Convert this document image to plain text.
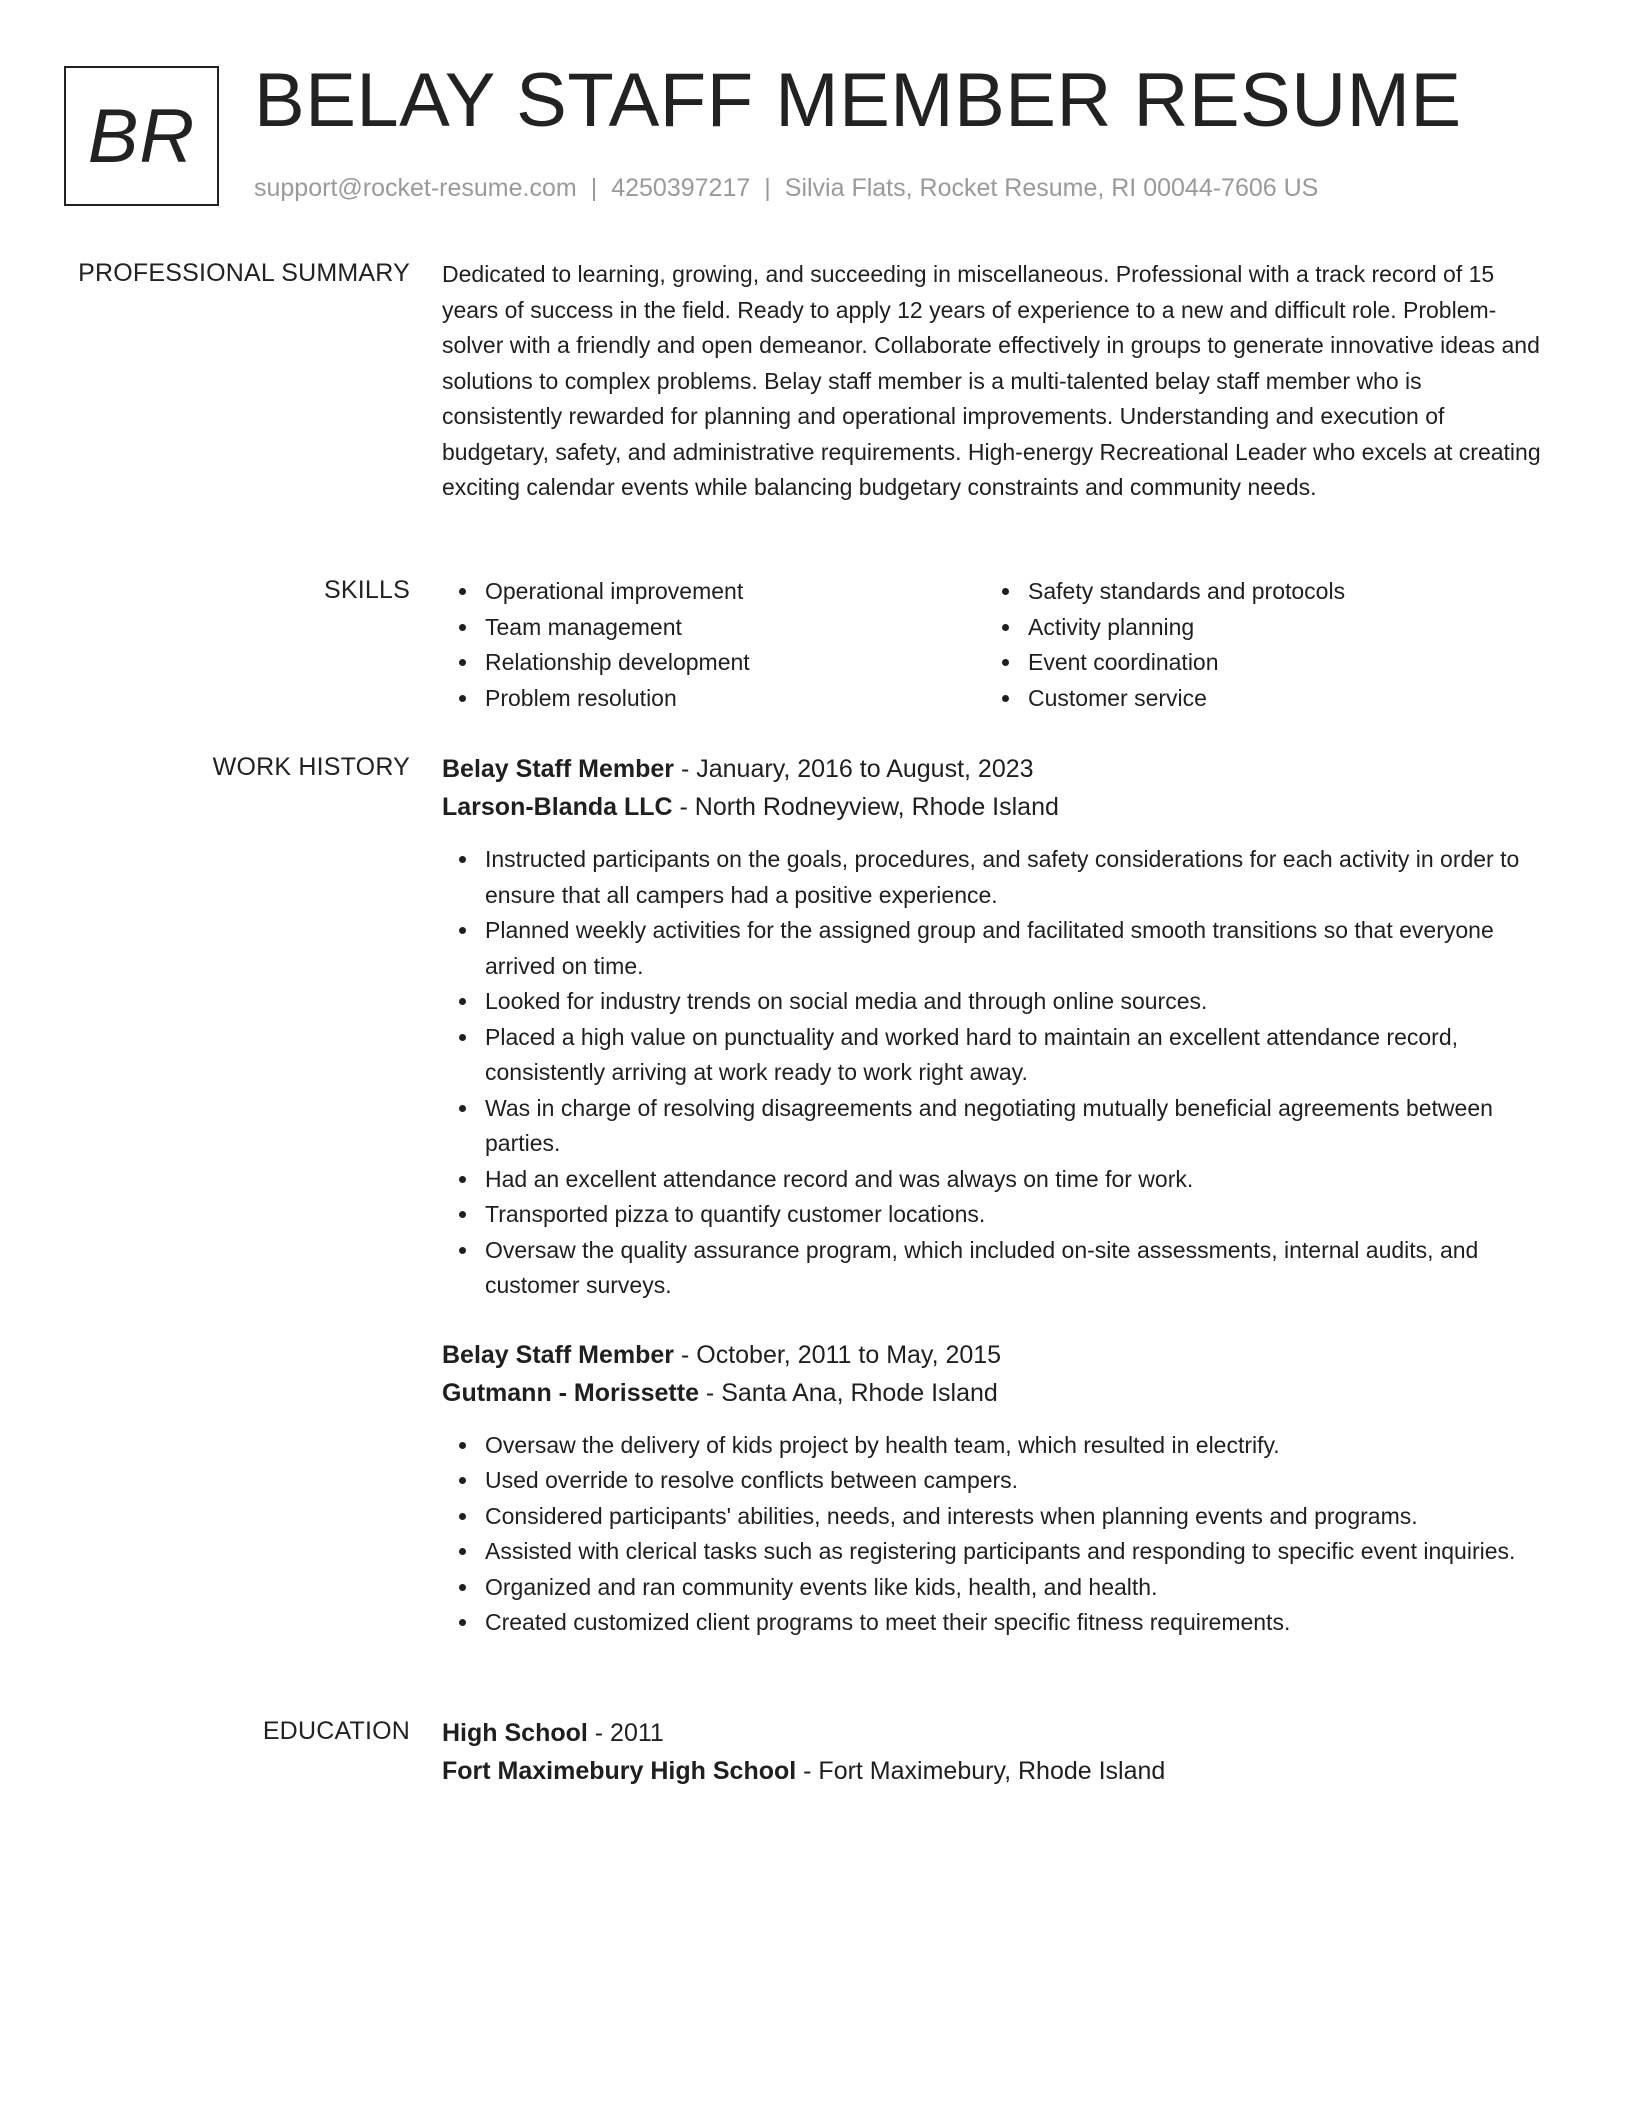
BR BELAY STAFF MEMBER RESUME
support@rocket-resume.com | 4250397217 | Silvia Flats, Rocket Resume, RI 00044-7606 US
PROFESSIONAL SUMMARY Dedicated to learning, growing, and succeeding in miscellaneous. Professional with a track record of 15 years of success in the field. Ready to apply 12 years of experience to a new and difficult role. Problem-solver with a friendly and open demeanor. Collaborate effectively in groups to generate innovative ideas and solutions to complex problems. Belay staff member is a multi-talented belay staff member who is consistently rewarded for planning and operational improvements. Understanding and execution of budgetary, safety, and administrative requirements. High-energy Recreational Leader who excels at creating exciting calendar events while balancing budgetary constraints and community needs.

SKILLS	Operational improvement
Team management
Relationship development
Problem resolution
Safety standards and protocols
Activity planning
Event coordination
Customer service
WORK HISTORY Belay Staff Member - January, 2016 to August, 2023
Larson-Blanda LLC - North Rodneyview, Rhode Island
Instructed participants on the goals, procedures, and safety considerations for each activity in order to ensure that all campers had a positive experience.
Planned weekly activities for the assigned group and facilitated smooth transitions so that everyone arrived on time.
Looked for industry trends on social media and through online sources.
Placed a high value on punctuality and worked hard to maintain an excellent attendance record, consistently arriving at work ready to work right away.
Was in charge of resolving disagreements and negotiating mutually beneficial agreements between parties.
Had an excellent attendance record and was always on time for work.
Transported pizza to quantify customer locations.
Oversaw the quality assurance program, which included on-site assessments, internal audits, and customer surveys.
Belay Staff Member - October, 2011 to May, 2015
Gutmann - Morissette - Santa Ana, Rhode Island
Oversaw the delivery of kids project by health team, which resulted in electrify.
Used override to resolve conflicts between campers.
Considered participants' abilities, needs, and interests when planning events and programs.
Assisted with clerical tasks such as registering participants and responding to specific event inquiries.
Organized and ran community events like kids, health, and health.
Created customized client programs to meet their specific fitness requirements.
EDUCATION High School - 2011
Fort Maximebury High School - Fort Maximebury, Rhode Island
